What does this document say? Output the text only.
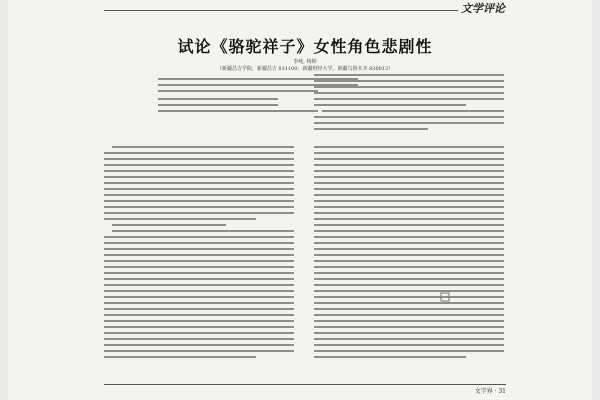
文学评论
试论《骆驼祥子》女性角色悲剧性
李纯, 杨婷
（新疆昌吉学院，新疆昌吉 831100；新疆财经大学，新疆乌鲁木齐 830012）
文学界 · 31
